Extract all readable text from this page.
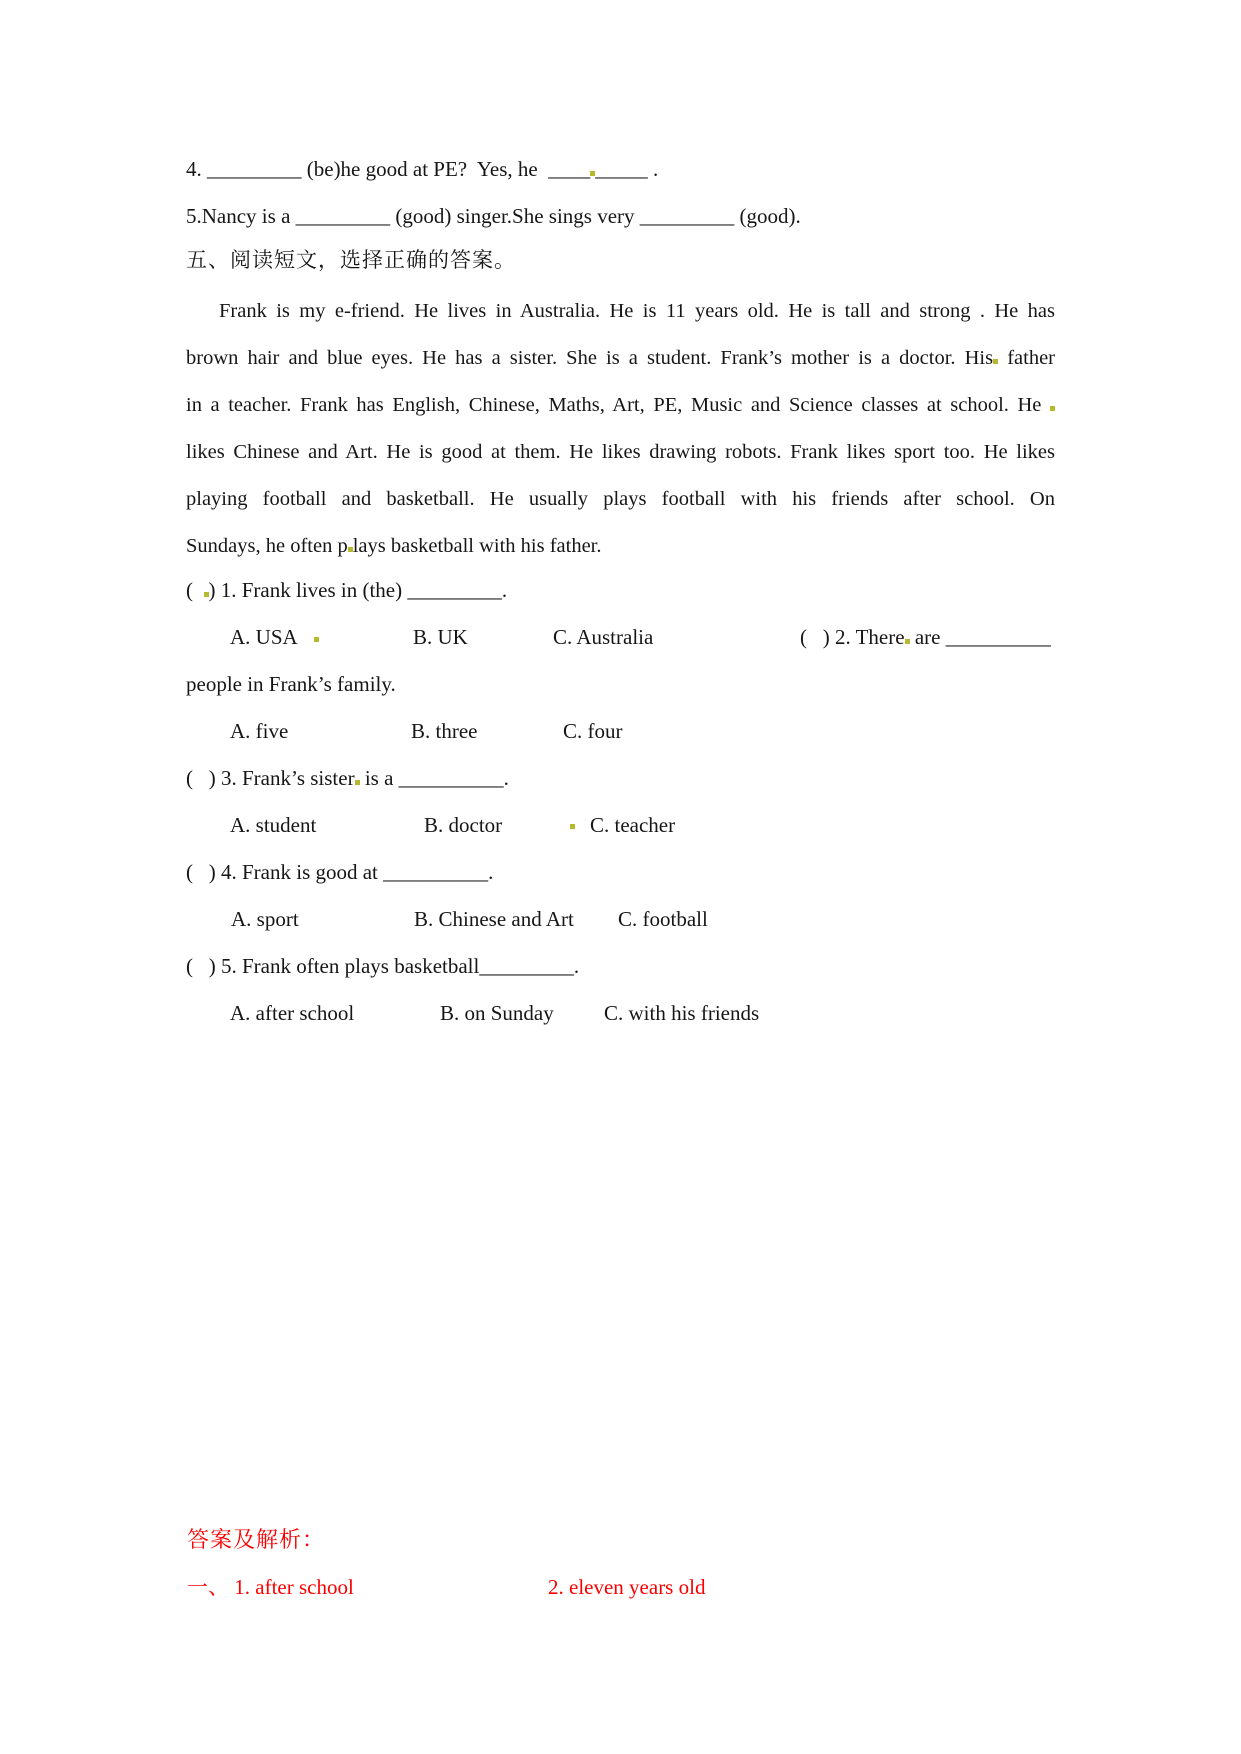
4. _________ (be)he good at PE?  Yes, he  ____ _____ .
5.Nancy is a _________ (good) singer.She sings very _________ (good).
五、阅读短文，选择正确的答案。
Frank is my e-friend. He lives in Australia. He is 11 years old. He is tall and strong . He has
brown hair and blue eyes. He has a sister. She is a student. Frank’s mother is a doctor. His father
in a teacher. Frank has English, Chinese, Maths, Art, PE, Music and Science classes at school. He
likes Chinese and Art. He is good at them. He likes drawing robots. Frank likes sport too. He likes
playing football and basketball. He usually plays football with his friends after school. On
Sundays, he often p lays basketball with his father.
(  ) 1. Frank lives in (the) _________.
A. USA	B. UK	C. Australia	(   ) 2. There are __________
people in Frank’s family.
A. five	B. three	C. four
(   ) 3. Frank’s sister is a __________.
A. student	B. doctor	C. teacher
(   ) 4. Frank is good at __________.
A. sport	B. Chinese and Art C. football
(   ) 5. Frank often plays basketball_________.
A. after school	B. on Sunday C. with his friends
答案及解析：
一、 1. after school	2. eleven years old
